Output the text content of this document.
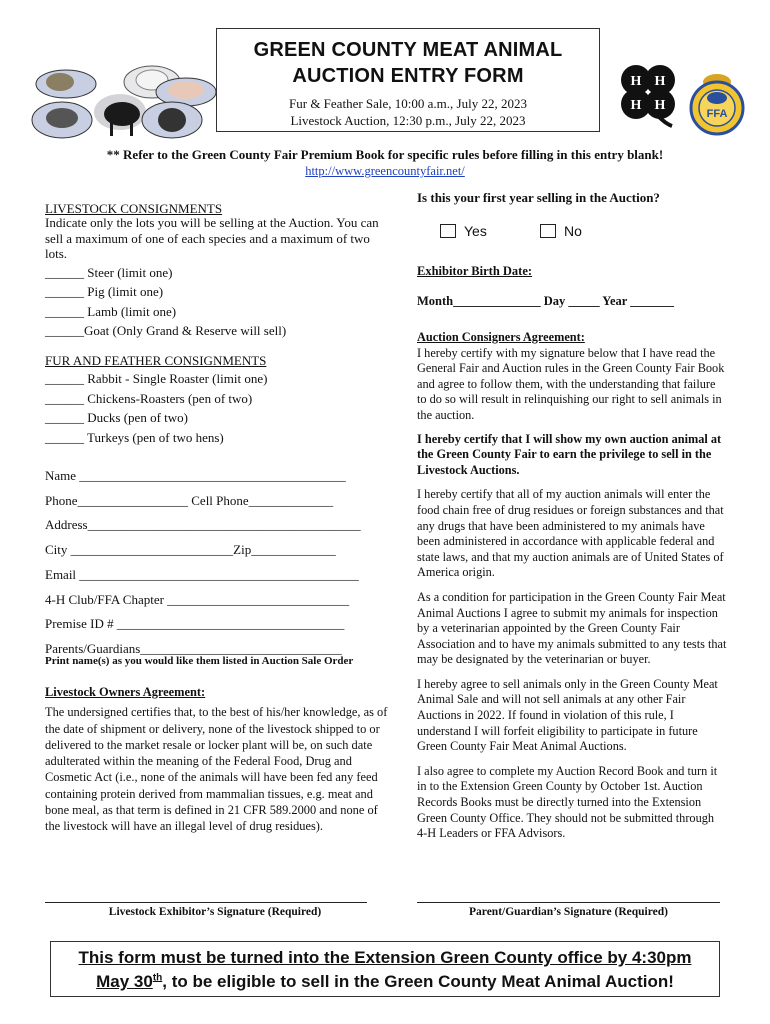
H H
H H
FFA
GREEN COUNTY MEAT ANIMAL
AUCTION ENTRY FORM
Fur & Feather Sale, 10:00 a.m., July 22, 2023
Livestock Auction, 12:30 p.m., July 22, 2023
** Refer to the Green County Fair Premium Book for specific rules before filling in this entry blank!
http://www.greencountyfair.net/
LIVESTOCK CONSIGNMENTS
Indicate only the lots you will be selling at the Auction. You can sell a maximum of one of each species and a maximum of two lots.
______ Steer (limit one)
______ Pig (limit one)
______ Lamb (limit one)
______Goat (Only Grand & Reserve will sell)
FUR AND FEATHER CONSIGNMENTS
______ Rabbit - Single Roaster (limit one)
______ Chickens-Roasters (pen of two)
______ Ducks (pen of two)
______ Turkeys (pen of two hens)
Name _________________________________________
Phone_________________ Cell Phone_____________
Address__________________________________________
City _________________________Zip_____________
Email ___________________________________________
4-H Club/FFA Chapter ____________________________
Premise ID # ___________________________________
Parents/Guardians_______________________________
Print name(s) as you would like them listed in Auction Sale Order
Livestock Owners Agreement:
The undersigned certifies that, to the best of his/her knowledge, as of the date of shipment or delivery, none of the livestock shipped to or delivered to the market resale or locker plant will be, on such date adulterated within the meaning of the Federal Food, Drug and Cosmetic Act (i.e., none of the animals will have been fed any feed containing protein derived from mammalian tissues, e.g. meat and bone meal, as that term is defined in 21 CFR 589.2000 and none of the livestock will have an illegal level of drug residues).
Is this your first year selling in the Auction?
Yes	No
Exhibitor Birth Date:
Month______________ Day _____ Year _______
Auction Consigners Agreement:
I hereby certify with my signature below that I have read the General Fair and Auction rules in the Green County Fair Book and agree to follow them, with the understanding that failure to do so will result in relinquishing our right to sell animals in the auction.
I hereby certify that I will show my own auction animal at the Green County Fair to earn the privilege to sell in the Livestock Auctions.
I hereby certify that all of my auction animals will enter the food chain free of drug residues or foreign substances and that any drugs that have been administered to my animals have been administered in accordance with applicable federal and state laws, and that my auction animals are of United States of America origin.
As a condition for participation in the Green County Fair Meat Animal Auctions I agree to submit my animals for inspection by a veterinarian appointed by the Green County Fair Association and to have my animals submitted to any tests that may be designated by the veterinarian or buyer.
I hereby agree to sell animals only in the Green County Meat Animal Sale and will not sell animals at any other Fair Auctions in 2022. If found in violation of this rule, I understand I will forfeit eligibility to participate in future Green County Fair Meat Animal Auctions.
I also agree to complete my Auction Record Book and turn it in to the Extension Green County by October 1st. Auction Records Books must be directly turned into the Extension Green County Office. They should not be submitted through 4-H Leaders or FFA Advisors.
Livestock Exhibitor’s Signature (Required)	Parent/Guardian’s Signature (Required)
This form must be turned into the Extension Green County office by 4:30pm
May 30th, to be eligible to sell in the Green County Meat Animal Auction!
